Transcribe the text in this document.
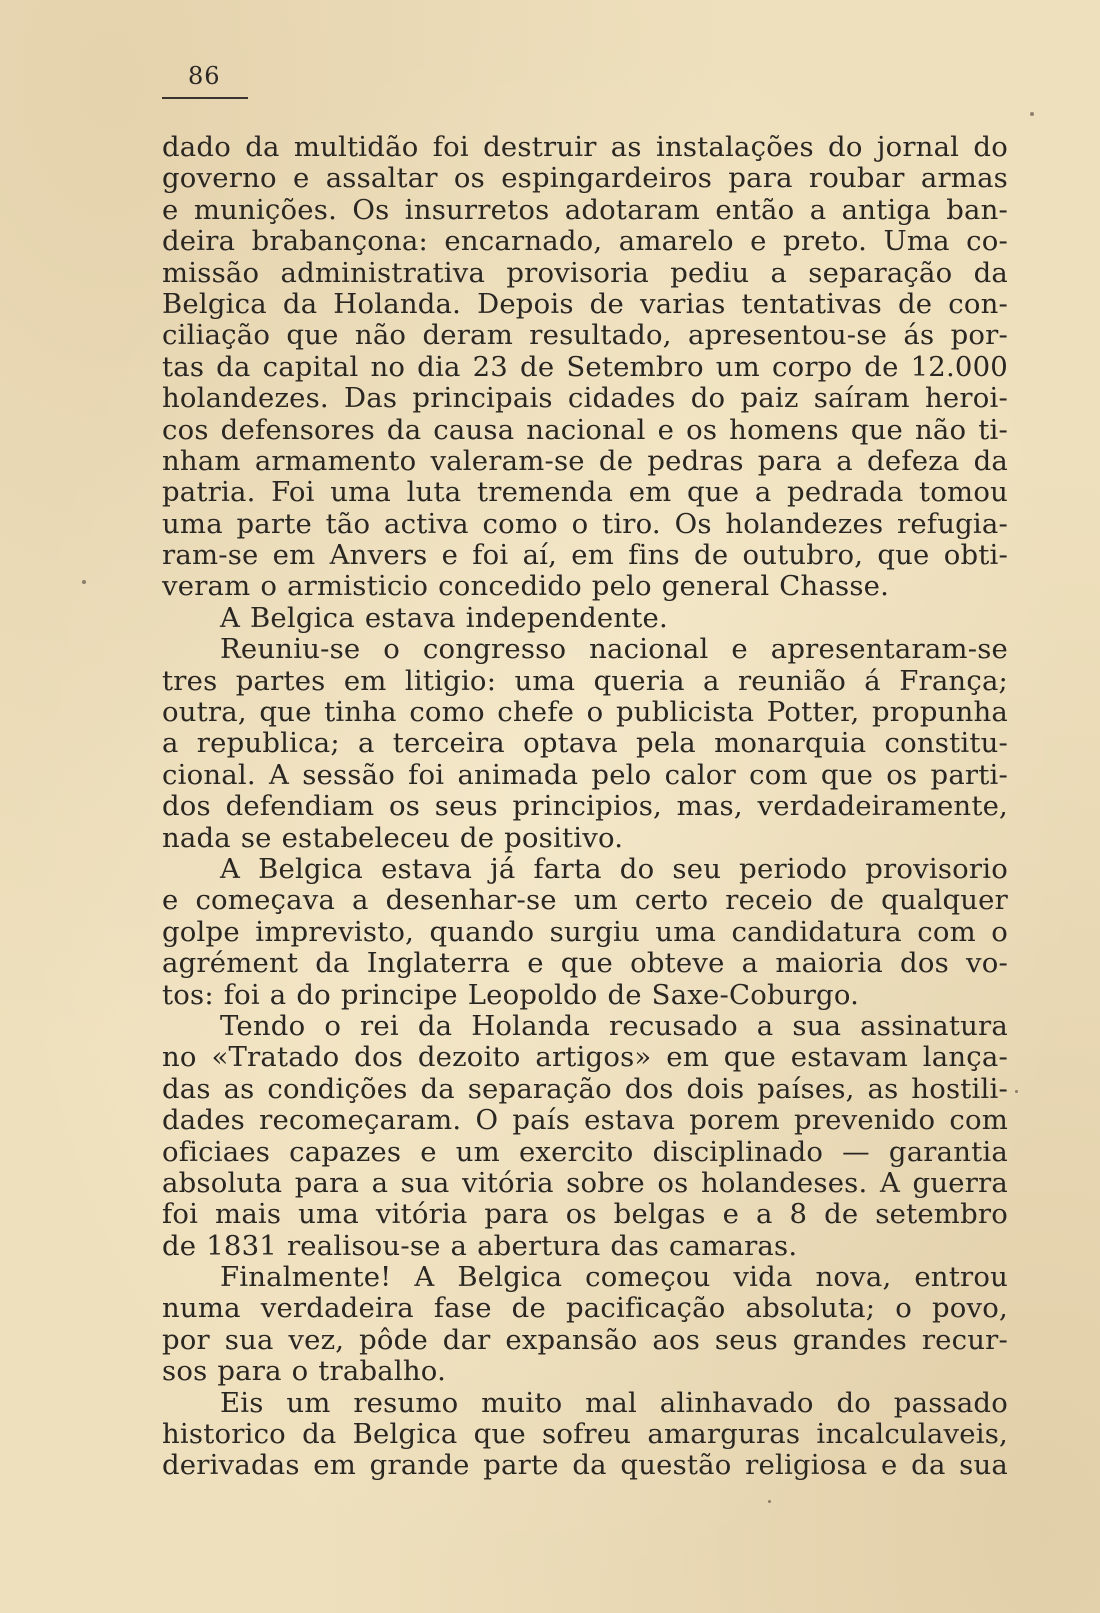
86
dado da multidão foi destruir as instalações do jornal do
governo e assaltar os espingardeiros para roubar armas
e munições. Os insurretos adotaram então a antiga ban-
deira brabançona: encarnado, amarelo e preto. Uma co-
missão administrativa provisoria pediu a separação da
Belgica da Holanda. Depois de varias tentativas de con-
ciliação que não deram resultado, apresentou-se ás por-
tas da capital no dia 23 de Setembro um corpo de 12.000
holandezes. Das principais cidades do paiz saíram heroi-
cos defensores da causa nacional e os homens que não ti-
nham armamento valeram-se de pedras para a defeza da
patria. Foi uma luta tremenda em que a pedrada tomou
uma parte tão activa como o tiro. Os holandezes refugia-
ram-se em Anvers e foi aí, em fins de outubro, que obti-
veram o armisticio concedido pelo general Chasse.
A Belgica estava independente.
Reuniu-se o congresso nacional e apresentaram-se
tres partes em litigio: uma queria a reunião á França;
outra, que tinha como chefe o publicista Potter, propunha
a republica; a terceira optava pela monarquia constitu-
cional. A sessão foi animada pelo calor com que os parti-
dos defendiam os seus principios, mas, verdadeiramente,
nada se estabeleceu de positivo.
A Belgica estava já farta do seu periodo provisorio
e começava a desenhar-se um certo receio de qualquer
golpe imprevisto, quando surgiu uma candidatura com o
agrément da Inglaterra e que obteve a maioria dos vo-
tos: foi a do principe Leopoldo de Saxe-Coburgo.
Tendo o rei da Holanda recusado a sua assinatura
no «Tratado dos dezoito artigos» em que estavam lança-
das as condições da separação dos dois países, as hostili-
dades recomeçaram. O país estava porem prevenido com
oficiaes capazes e um exercito disciplinado — garantia
absoluta para a sua vitória sobre os holandeses. A guerra
foi mais uma vitória para os belgas e a 8 de setembro
de 1831 realisou-se a abertura das camaras.
Finalmente! A Belgica começou vida nova, entrou
numa verdadeira fase de pacificação absoluta; o povo,
por sua vez, pôde dar expansão aos seus grandes recur-
sos para o trabalho.
Eis um resumo muito mal alinhavado do passado
historico da Belgica que sofreu amarguras incalculaveis,
derivadas em grande parte da questão religiosa e da sua
